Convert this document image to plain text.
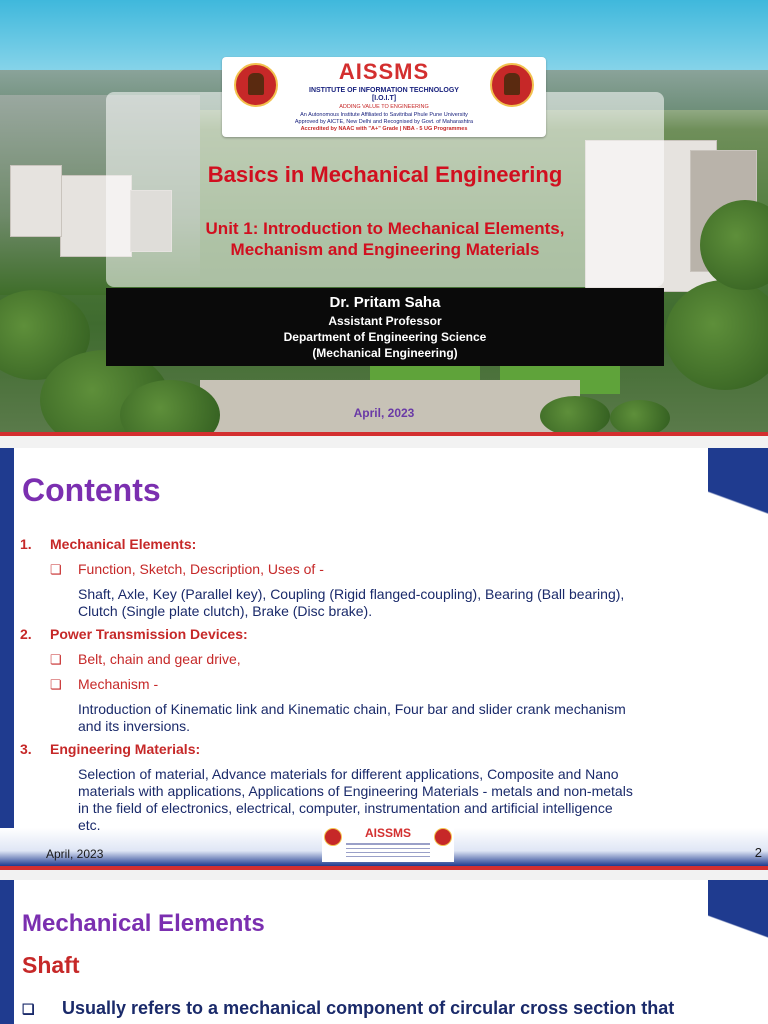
AISSMS
INSTITUTE OF INFORMATION TECHNOLOGY
[I.O.I.T]
ADDING VALUE TO ENGINEERING
An Autonomous Institute Affiliated to Savitribai Phule Pune University
Approved by AICTE, New Delhi and Recognised by Govt. of Maharashtra
Accredited by NAAC with "A+" Grade | NBA - 5 UG Programmes
Basics in Mechanical Engineering
Unit 1: Introduction to Mechanical Elements,
Mechanism and Engineering Materials
Dr. Pritam Saha
Assistant Professor
Department of Engineering Science
(Mechanical Engineering)
April, 2023
Contents
1.	Mechanical Elements:
❏	Function, Sketch, Description, Uses of -
Shaft, Axle, Key (Parallel key), Coupling (Rigid flanged-coupling), Bearing (Ball bearing),
Clutch (Single plate clutch), Brake (Disc brake).
2.	Power Transmission Devices:
❏	Belt, chain and gear drive,
❏	Mechanism -
Introduction of Kinematic link and Kinematic chain, Four bar and slider crank mechanism
and its inversions.
3.	Engineering Materials:
Selection of material, Advance materials for different applications, Composite and Nano
materials with applications, Applications of Engineering Materials - metals and non-metals
in the field of electronics, electrical, computer, instrumentation and artificial intelligence
etc.	AISSMS
April, 2023	2
Mechanical Elements
Shaft
❏	Usually refers to a mechanical component of circular cross section that
